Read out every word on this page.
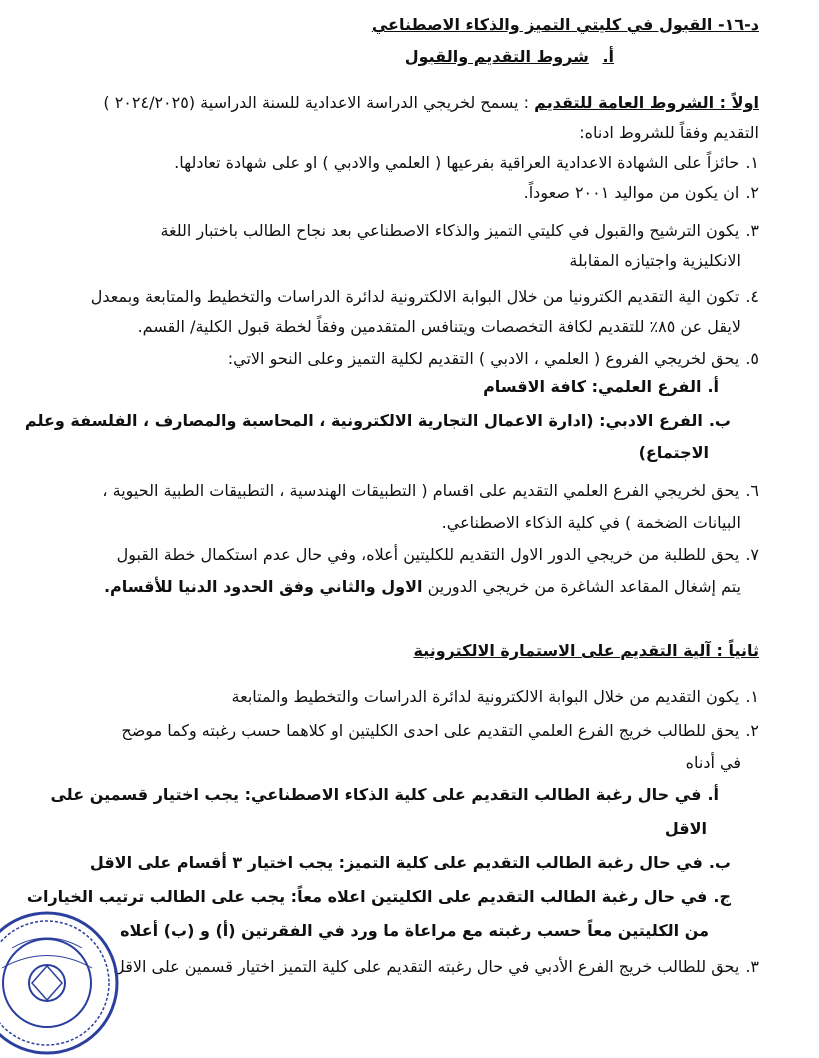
د-١٦- القبول في كليتي التميز والذكاء الاصطناعي
أ. شروط التقديم والقبول
اولاً : الشروط العامة للتقديم : يسمح لخريجي الدراسة الاعدادية للسنة الدراسية (٢٠٢٤/٢٠٢٥ )
التقديم وفقاً للشروط ادناه:
١.حائزاً على الشهادة الاعدادية العراقية بفرعيها ( العلمي والادبي ) او على شهادة تعادلها.
٢.ان يكون من مواليد ٢٠٠١ صعوداً.
٣.يكون الترشيح والقبول في كليتي التميز والذكاء الاصطناعي بعد نجاح الطالب باختبار اللغة
الانكليزية واجتيازه المقابلة
٤.تكون الية التقديم الكترونيا من خلال البوابة الالكترونية لدائرة الدراسات والتخطيط والمتابعة وبمعدل
لايقل عن ٨٥٪ للتقديم لكافة التخصصات ويتنافس المتقدمين وفقاً لخطة قبول الكلية/ القسم.
٥.يحق لخريجي الفروع ( العلمي ، الادبي ) التقديم لكلية التميز وعلى النحو الاتي:
أ.الفرع العلمي: كافة الاقسام
ب.الفرع الادبي: (ادارة الاعمال التجارية الالكترونية ، المحاسبة والمصارف ، الفلسفة وعلم
الاجتماع)
٦.يحق لخريجي الفرع العلمي التقديم على اقسام ( التطبيقات الهندسية ، التطبيقات الطبية الحيوية ،
البيانات الضخمة ) في كلية الذكاء الاصطناعي.
٧.يحق للطلبة من خريجي الدور الاول التقديم للكليتين أعلاه، وفي حال عدم استكمال خطة القبول
يتم إشغال المقاعد الشاغرة من خريجي الدورين الاول والثاني وفق الحدود الدنيا للأقسام.
ثانياً : آلية التقديم على الاستمارة الالكترونية
١.يكون التقديم من خلال البوابة الالكترونية لدائرة الدراسات والتخطيط والمتابعة
٢.يحق للطالب خريج الفرع العلمي التقديم على احدى الكليتين او كلاهما حسب رغبته وكما موضح
في أدناه
أ.في حال رغبة الطالب التقديم على كلية الذكاء الاصطناعي: يجب اختيار قسمين على
الاقل
ب.في حال رغبة الطالب التقديم على كلية التميز: يجب اختيار ٣ أقسام على الاقل
ج.في حال رغبة الطالب التقديم على الكليتين اعلاه معاً: يجب على الطالب ترتيب الخيارات
من الكليتين معاً حسب رغبته مع مراعاة ما ورد في الفقرتين (أ) و (ب) أعلاه
٣.يحق للطالب خريج الفرع الأدبي في حال رغبته التقديم على كلية التميز اختيار قسمين على الاقل
